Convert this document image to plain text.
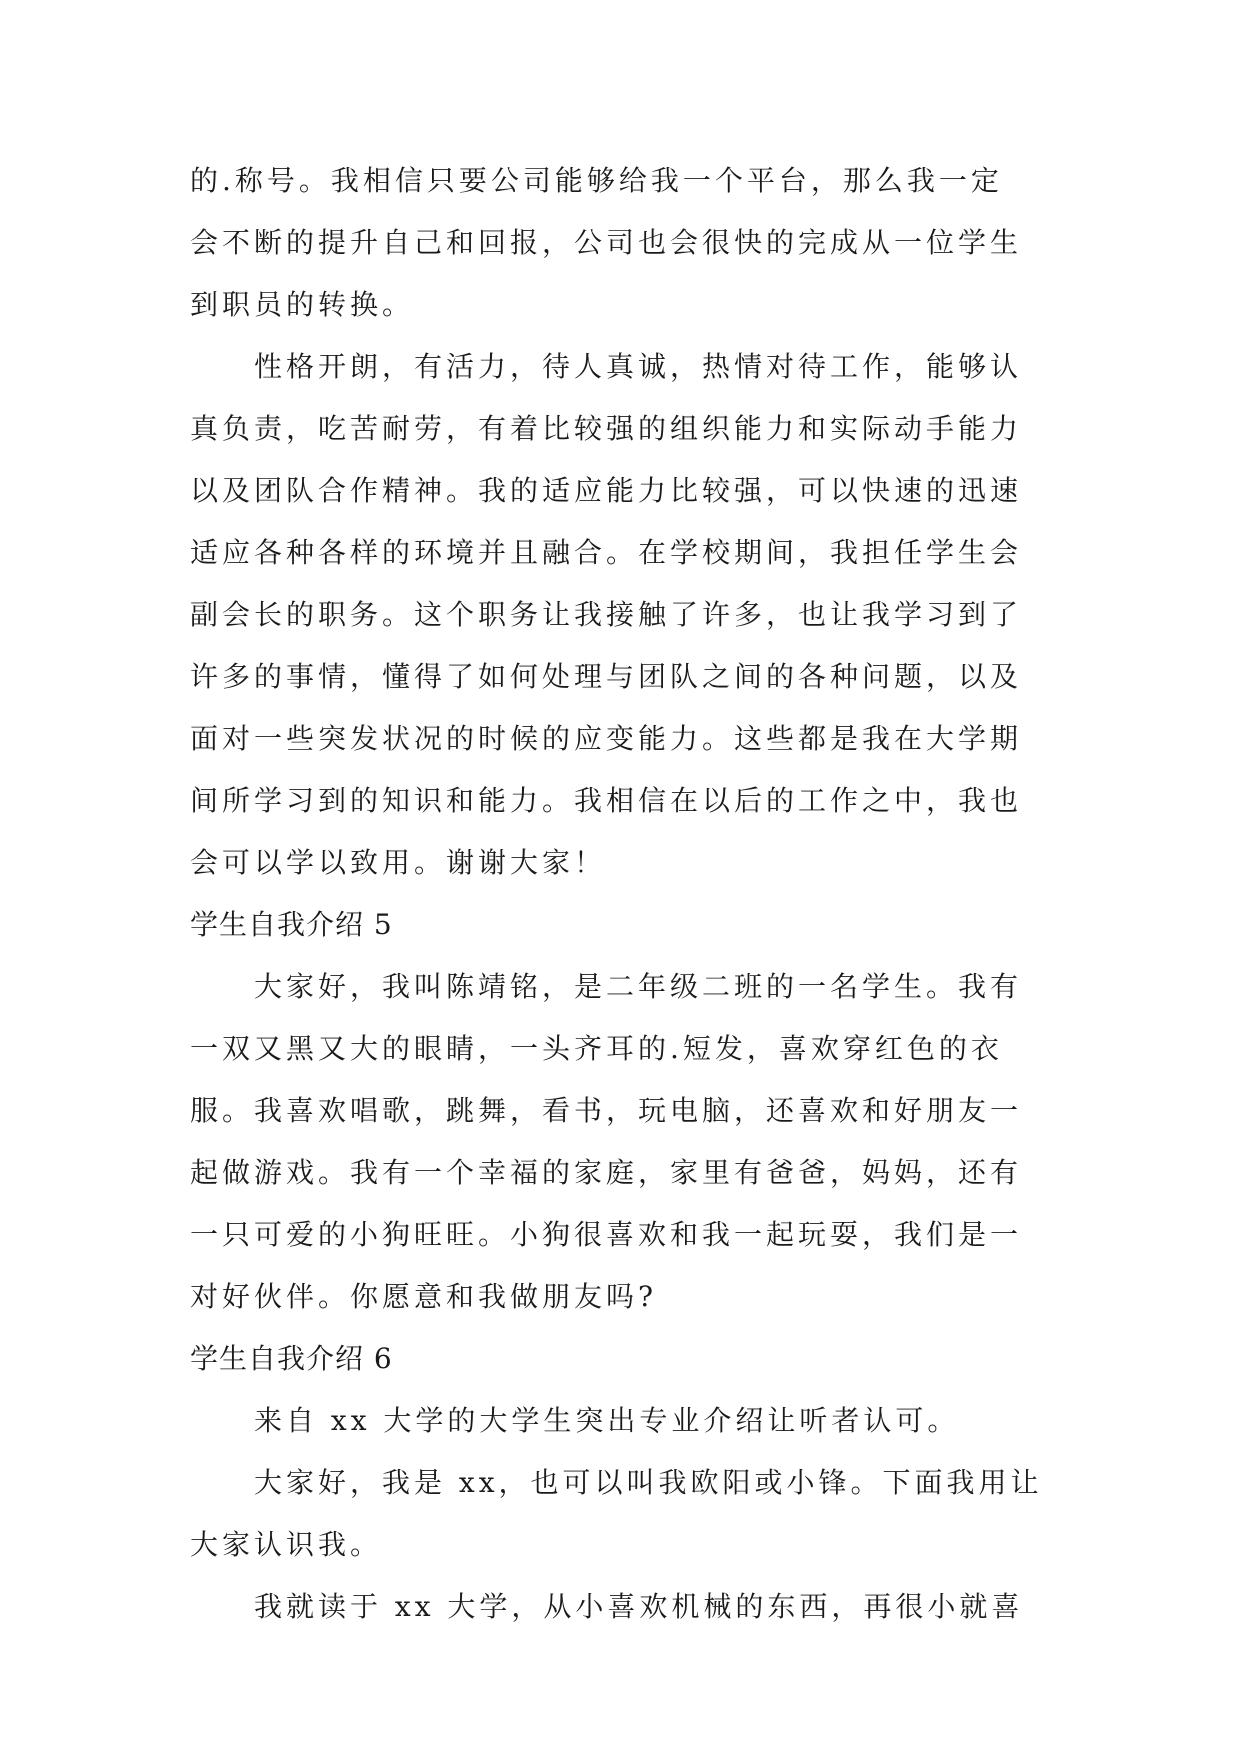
的.称号。我相信只要公司能够给我一个平台，那么我一定
会不断的提升自己和回报，公司也会很快的完成从一位学生
到职员的转换。
性格开朗，有活力，待人真诚，热情对待工作，能够认
真负责，吃苦耐劳，有着比较强的组织能力和实际动手能力
以及团队合作精神。我的适应能力比较强，可以快速的迅速
适应各种各样的环境并且融合。在学校期间，我担任学生会
副会长的职务。这个职务让我接触了许多，也让我学习到了
许多的事情，懂得了如何处理与团队之间的各种问题，以及
面对一些突发状况的时候的应变能力。这些都是我在大学期
间所学习到的知识和能力。我相信在以后的工作之中，我也
会可以学以致用。谢谢大家！
学生自我介绍 5
大家好，我叫陈靖铭，是二年级二班的一名学生。我有
一双又黑又大的眼睛，一头齐耳的.短发，喜欢穿红色的衣
服。我喜欢唱歌，跳舞，看书，玩电脑，还喜欢和好朋友一
起做游戏。我有一个幸福的家庭，家里有爸爸，妈妈，还有
一只可爱的小狗旺旺。小狗很喜欢和我一起玩耍，我们是一
对好伙伴。你愿意和我做朋友吗?
学生自我介绍 6
来自 xx 大学的大学生突出专业介绍让听者认可。
大家好，我是 xx，也可以叫我欧阳或小锋。下面我用让
大家认识我。
我就读于 xx 大学，从小喜欢机械的东西，再很小就喜
